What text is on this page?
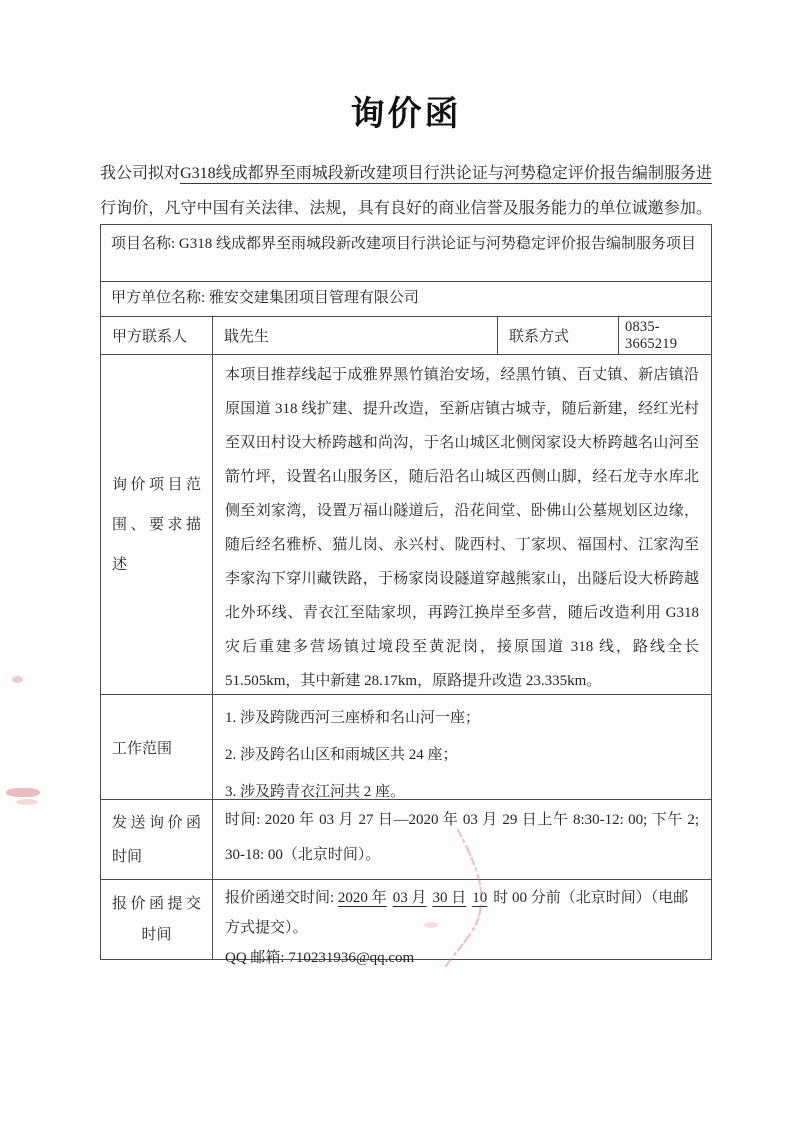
询价函
我公司拟对G318线成都界至雨城段新改建项目行洪论证与河势稳定评价报告编制服务进
行询价，凡守中国有关法律、法规，具有良好的商业信誉及服务能力的单位诚邀参加。
项目名称: G318 线成都界至雨城段新改建项目行洪论证与河势稳定评价报告编制服务项目
甲方单位名称: 雅安交建集团项目管理有限公司
甲方联系人	戢先生	联系方式
0835-3665219
询价项目范
围、要求描述
本项目推荐线起于成雅界黑竹镇治安场，经黑竹镇、百丈镇、新店镇沿原国道 318 线扩建、提升改造，至新店镇古城寺，随后新建，经红光村至双田村设大桥跨越和尚沟，于名山城区北侧闵家设大桥跨越名山河至箭竹坪，设置名山服务区，随后沿名山城区西侧山脚，经石龙寺水库北侧至刘家湾，设置万福山隧道后，沿花间堂、卧佛山公墓规划区边缘，随后经名雅桥、猫儿岗、永兴村、陇西村、丁家坝、福国村、江家沟至李家沟下穿川藏铁路，于杨家岗设隧道穿越熊家山，出隧后设大桥跨越北外环线、青衣江至陆家坝，再跨江换岸至多营，随后改造利用 G318 灾后重建多营场镇过境段至黄泥岗，接原国道 318 线，路线全长 51.505km，其中新建 28.17km，原路提升改造 23.335km。
工作范围
1. 涉及跨陇西河三座桥和名山河一座；
2. 涉及跨名山区和雨城区共 24 座；
3. 涉及跨青衣江河共 2 座。
发送询价函
时间
时间: 2020 年 03 月 27 日—2020 年 03 月 29 日上午 8:30-12: 00; 下午 2; 30-18: 00（北京时间）。
报价函提交
时间
报价函递交时间: 2020 年 03 月 30 日 10 时 00 分前（北京时间）（电邮方式提交）。
QQ 邮箱: 710231936@qq.com
